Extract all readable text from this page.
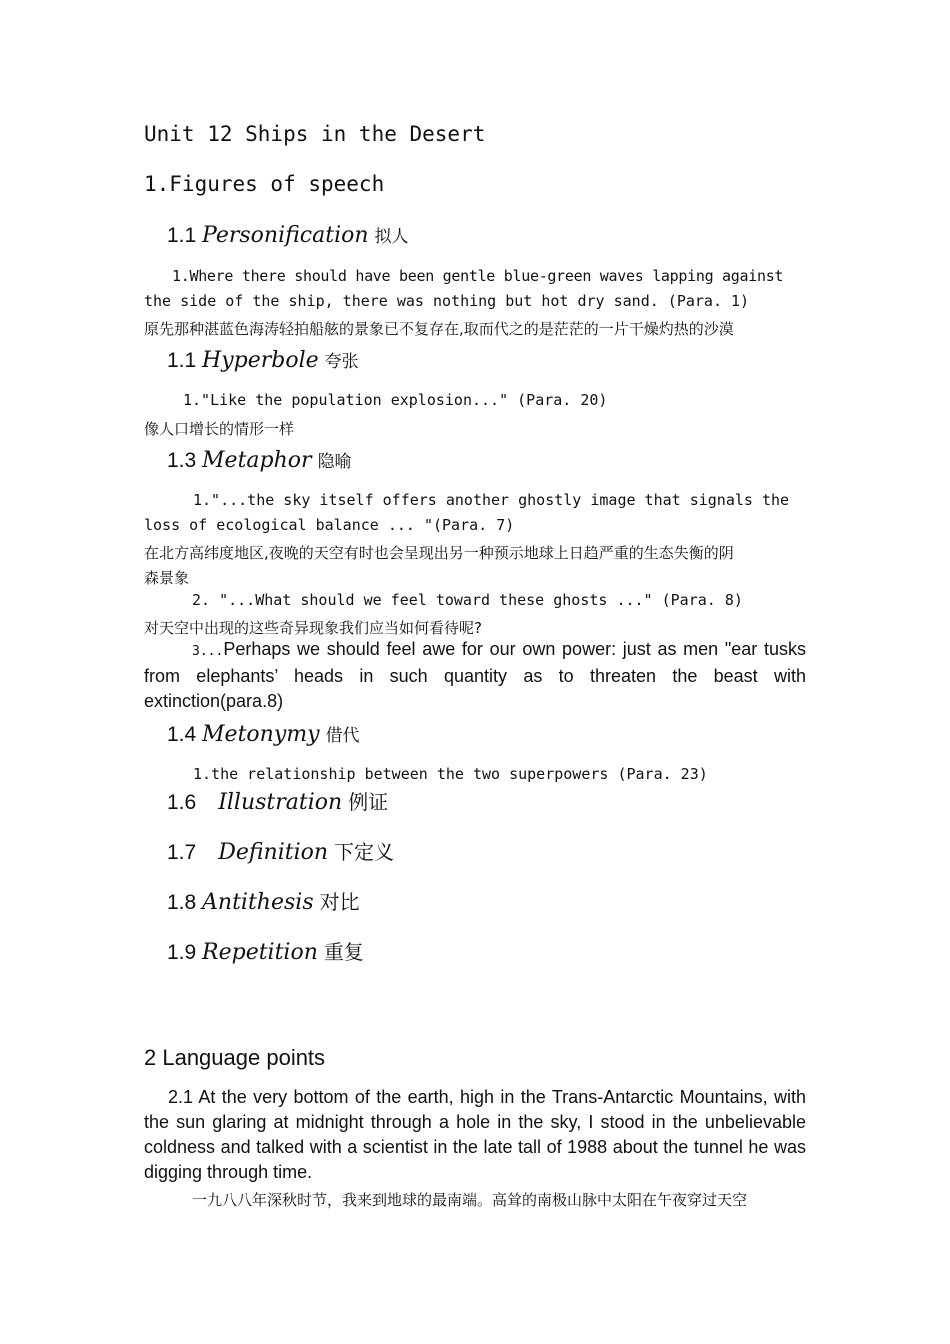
Unit 12 Ships in the Desert
1.Figures of speech
1.1 Personification 拟人
1.Where there should have been gentle blue-green waves lapping against
the side of the ship, there was nothing but hot dry sand. (Para. 1)
原先那种湛蓝色海涛轻拍船舷的景象已不复存在,取而代之的是茫茫的一片干燥灼热的沙漠
1.1 Hyperbole 夸张
1."Like the population explosion..." (Para. 20)
像人口增长的情形一样
1.3 Metaphor 隐喻
1."...the sky itself offers another ghostly image that signals the
loss of ecological balance ... "(Para. 7)
在北方高纬度地区,夜晚的天空有时也会呈现出另一种预示地球上日趋严重的生态失衡的阴
森景象
2. "...What should we feel toward these ghosts ..." (Para. 8)
对天空中出现的这些奇异现象我们应当如何看待呢?
3...Perhaps we should feel awe for our own power: just as men "ear tusks from elephants’ heads in such quantity as to threaten the beast with extinction(para.8)
1.4 Metonymy 借代
1.the relationship between the two superpowers (Para. 23)
1.6 Illustration 例证
1.7 Definition 下定义
1.8 Antithesis 对比
1.9 Repetition 重复
2 Language points
2.1 At the very bottom of the earth, high in the Trans-Antarctic Mountains, with the sun glaring at midnight through a hole in the sky, I stood in the unbelievable coldness and talked with a scientist in the late tall of 1988 about the tunnel he was digging through time.
一九八八年深秋时节，我来到地球的最南端。高耸的南极山脉中太阳在午夜穿过天空
